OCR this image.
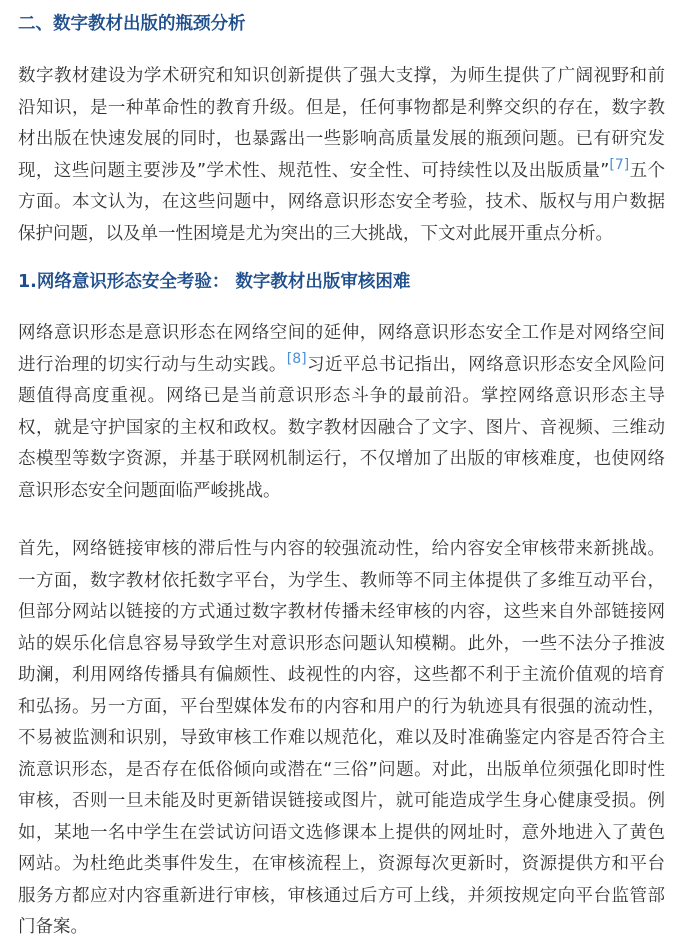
二、数字教材出版的瓶颈分析

数字教材建设为学术研究和知识创新提供了强大支撑，为师生提供了广阔视野和前沿知识，是一种革命性的教育升级。但是，任何事物都是利弊交织的存在，数字教材出版在快速发展的同时，也暴露出一些影响高质量发展的瓶颈问题。已有研究发现，这些问题主要涉及”学术性、规范性、安全性、可持续性以及出版质量”[7]五个方面。本文认为，在这些问题中，网络意识形态安全考验，技术、版权与用户数据保护问题，以及单一性困境是尤为突出的三大挑战，下文对此展开重点分析。

1.网络意识形态安全考验： 数字教材出版审核困难

网络意识形态是意识形态在网络空间的延伸，网络意识形态安全工作是对网络空间进行治理的切实行动与生动实践。[8]习近平总书记指出，网络意识形态安全风险问题值得高度重视。网络已是当前意识形态斗争的最前沿。掌控网络意识形态主导权，就是守护国家的主权和政权。数字教材因融合了文字、图片、音视频、三维动态模型等数字资源，并基于联网机制运行，不仅增加了出版的审核难度，也使网络意识形态安全问题面临严峻挑战。

首先，网络链接审核的滞后性与内容的较强流动性，给内容安全审核带来新挑战。一方面，数字教材依托数字平台，为学生、教师等不同主体提供了多维互动平台，但部分网站以链接的方式通过数字教材传播未经审核的内容，这些来自外部链接网站的娱乐化信息容易导致学生对意识形态问题认知模糊。此外，一些不法分子推波助澜，利用网络传播具有偏颇性、歧视性的内容，这些都不利于主流价值观的培育和弘扬。另一方面，平台型媒体发布的内容和用户的行为轨迹具有很强的流动性，不易被监测和识别，导致审核工作难以规范化，难以及时准确鉴定内容是否符合主流意识形态，是否存在低俗倾向或潜在“三俗”问题。对此，出版单位须强化即时性审核，否则一旦未能及时更新错误链接或图片，就可能造成学生身心健康受损。例如，某地一名中学生在尝试访问语文选修课本上提供的网址时，意外地进入了黄色网站。为杜绝此类事件发生，在审核流程上，资源每次更新时，资源提供方和平台服务方都应对内容重新进行审核，审核通过后方可上线，并须按规定向平台监管部门备案。
